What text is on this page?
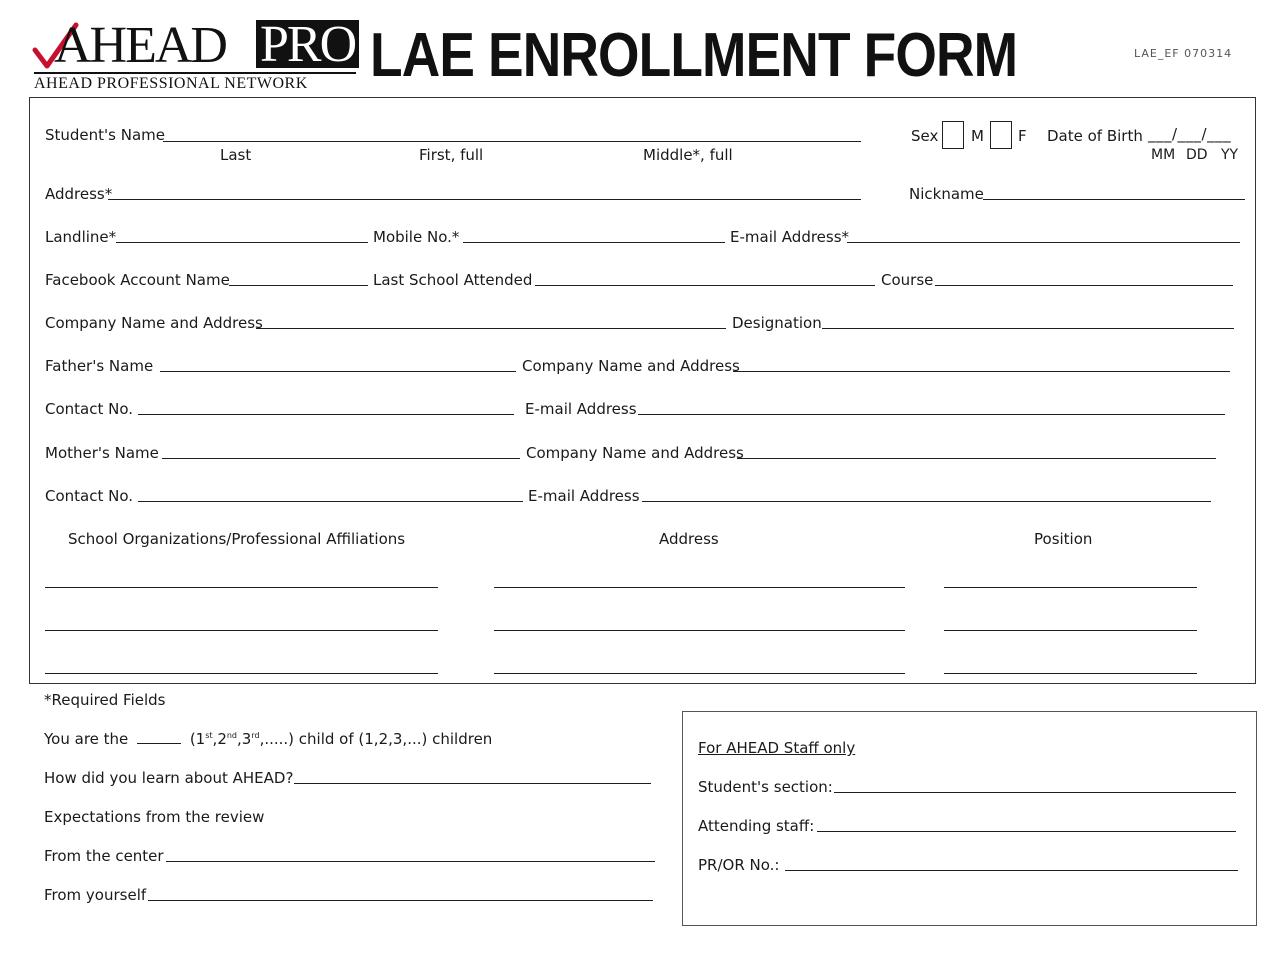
AHEAD PRO
AHEAD PROFESSIONAL NETWORK	LAE ENROLLMENT FORM	LAE_EF 070314
Student's Name
Last	First, full	Middle*, full
Sex M F Date of Birth ___/___/___
MM DD YY
Address*	Nickname
Landline*	Mobile No.*	E-mail Address*
Facebook Account Name	Last School Attended	Course
Company Name and Address	Designation
Father's Name	Company Name and Address
Contact No.	E-mail Address
Mother's Name	Company Name and Address
Contact No.	E-mail Address
School Organizations/Professional Affiliations	Address	Position
*Required Fields
You are the	(1st,2nd,3rd,.....) child of (1,2,3,...) children
How did you learn about AHEAD?
Expectations from the review
From the center
From yourself
For AHEAD Staff only
Student's section:
Attending staff:
PR/OR No.:
